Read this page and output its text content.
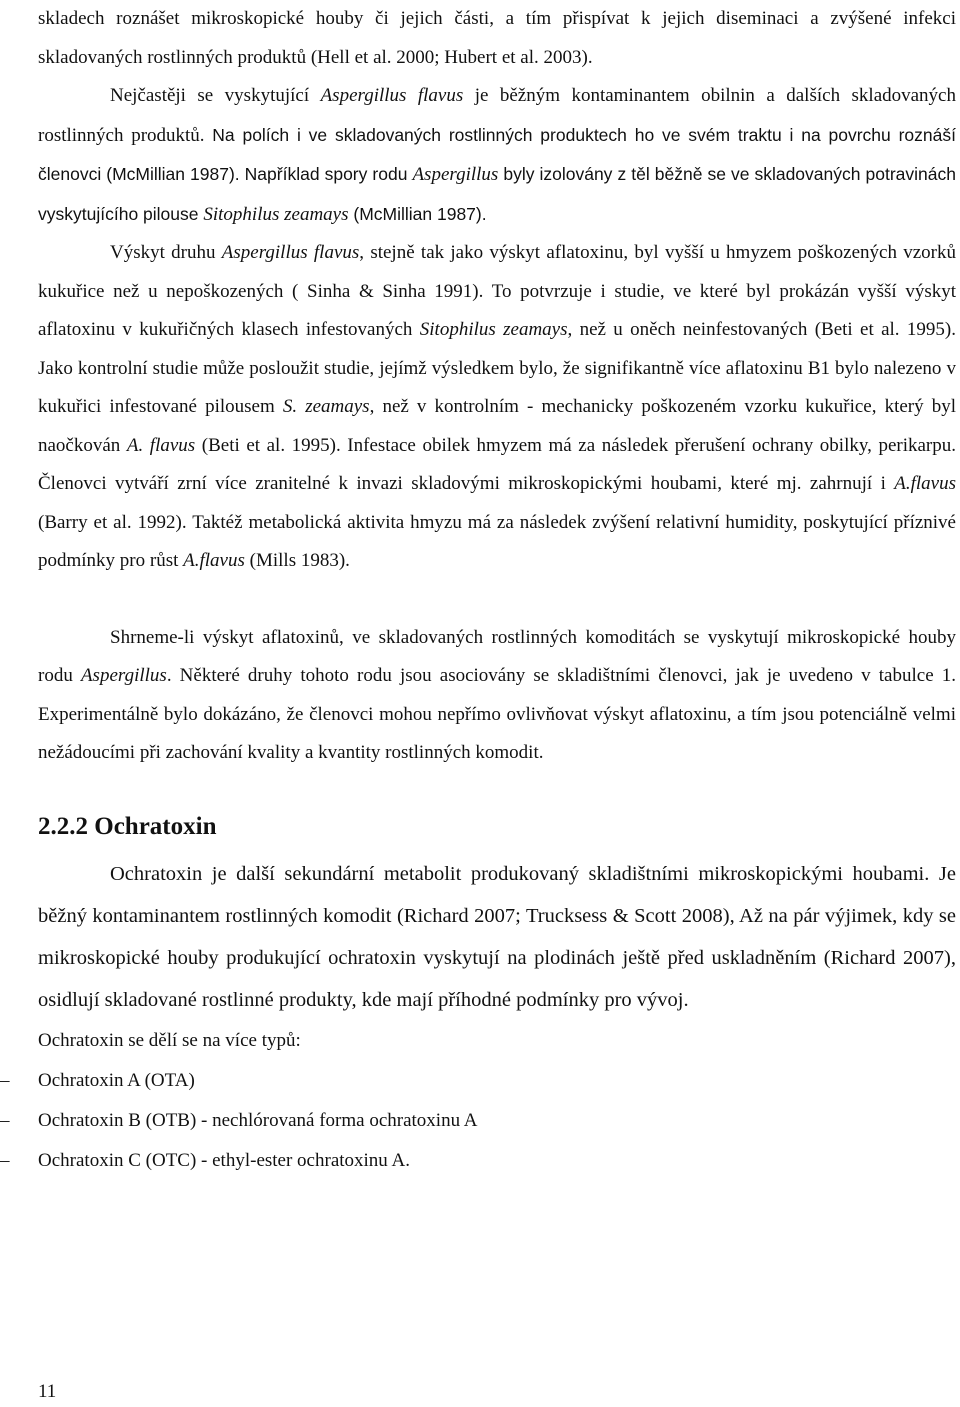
skladech roznášet mikroskopické houby či jejich části, a tím přispívat k jejich diseminaci a zvýšené infekci skladovaných rostlinných produktů (Hell et al. 2000; Hubert et al. 2003).

Nejčastěji se vyskytující Aspergillus flavus je běžným kontaminantem obilnin a dalších skladovaných rostlinných produktů. Na polích i ve skladovaných rostlinných produktech ho ve svém traktu i na povrchu roznáší členovci (McMillian 1987). Například spory rodu Aspergillus byly izolovány z těl běžně se ve skladovaných potravinách vyskytujícího pilouse Sitophilus zeamays (McMillian 1987).

Výskyt druhu Aspergillus flavus, stejně tak jako výskyt aflatoxinu, byl vyšší u hmyzem poškozených vzorků kukuřice než u nepoškozených ( Sinha & Sinha 1991). To potvrzuje i studie, ve které byl prokázán vyšší výskyt aflatoxinu v kukuřičných klasech infestovaných Sitophilus zeamays, než u oněch neinfestovaných (Beti et al. 1995). Jako kontrolní studie může posloužit studie, jejímž výsledkem bylo, že signifikantně více aflatoxinu B1 bylo nalezeno v kukuřici infestované pilousem S. zeamays, než v kontrolním - mechanicky poškozeném vzorku kukuřice, který byl naočkován A. flavus (Beti et al. 1995). Infestace obilek hmyzem má za následek přerušení ochrany obilky, perikarpu. Členovci vytváří zrní více zranitelné k invazi skladovými mikroskopickými houbami, které mj. zahrnují i A.flavus (Barry et al. 1992). Taktéž metabolická aktivita hmyzu má za následek zvýšení relativní humidity, poskytující příznivé podmínky pro růst A.flavus (Mills 1983).

Shrneme-li výskyt aflatoxinů, ve skladovaných rostlinných komoditách se vyskytují mikroskopické houby rodu Aspergillus. Některé druhy tohoto rodu jsou asociovány se skladištními členovci, jak je uvedeno v tabulce 1. Experimentálně bylo dokázáno, že členovci mohou nepřímo ovlivňovat výskyt aflatoxinu, a tím jsou potenciálně velmi nežádoucími při zachování kvality a kvantity rostlinných komodit.

2.2.2 Ochratoxin

Ochratoxin je další sekundární metabolit produkovaný skladištními mikroskopickými houbami. Je běžný kontaminantem rostlinných komodit (Richard 2007; Trucksess & Scott 2008), Až na pár výjimek, kdy se mikroskopické houby produkující ochratoxin vyskytují na plodinách ještě před uskladněním (Richard 2007), osidlují skladované rostlinné produkty, kde mají příhodné podmínky pro vývoj.

Ochratoxin se dělí se na více typů:

–	Ochratoxin A (OTA)
–	Ochratoxin B (OTB) - nechlórovaná forma ochratoxinu A
–	Ochratoxin C (OTC) - ethyl-ester ochratoxinu A.
11
